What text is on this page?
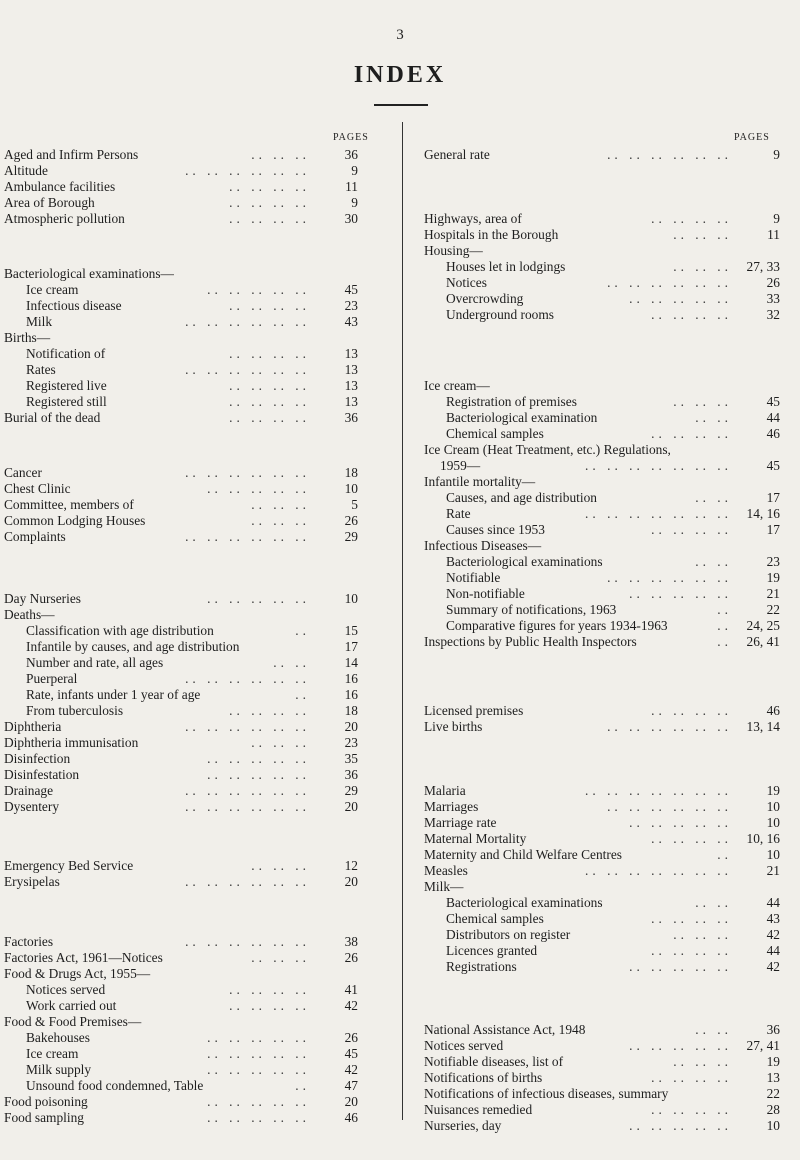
3
INDEX
PAGES	PAGES
Aged and Infirm Persons	.. .. ..	36
Altitude	.. .. .. .. .. ..	9
Ambulance facilities	.. .. .. ..	11
Area of Borough	.. .. .. ..	9
Atmospheric pollution	.. .. .. ..	30
Bacteriological examinations—
Ice cream	.. .. .. .. ..	45
Infectious disease	.. .. .. ..	23
Milk	.. .. .. .. .. ..	43
Births—
Notification of	.. .. .. ..	13
Rates	.. .. .. .. .. ..	13
Registered live	.. .. .. ..	13
Registered still	.. .. .. ..	13
Burial of the dead	.. .. .. ..	36
Cancer	.. .. .. .. .. ..	18
Chest Clinic	.. .. .. .. ..	10
Committee, members of	.. .. ..	5
Common Lodging Houses	.. .. ..	26
Complaints	.. .. .. .. .. ..	29
Day Nurseries	.. .. .. .. ..	10
Deaths—
Classification with age distribution	..	15
Infantile by causes, and age distribution	17
Number and rate, all ages	.. ..	14
Puerperal	.. .. .. .. .. ..	16
Rate, infants under 1 year of age	..	16
From tuberculosis	.. .. .. ..	18
Diphtheria	.. .. .. .. .. ..	20
Diphtheria immunisation	.. .. ..	23
Disinfection	.. .. .. .. ..	35
Disinfestation	.. .. .. .. ..	36
Drainage	.. .. .. .. .. ..	29
Dysentery	.. .. .. .. .. ..	20
Emergency Bed Service	.. .. ..	12
Erysipelas	.. .. .. .. .. ..	20
Factories	.. .. .. .. .. ..	38
Factories Act, 1961—Notices	.. .. ..	26
Food & Drugs Act, 1955—
Notices served	.. .. .. ..	41
Work carried out	.. .. .. ..	42
Food & Food Premises—
Bakehouses	.. .. .. .. ..	26
Ice cream	.. .. .. .. ..	45
Milk supply	.. .. .. .. ..	42
Unsound food condemned, Table	..	47
Food poisoning	.. .. .. .. ..	20
Food sampling	.. .. .. .. ..	46
General rate	.. .. .. .. .. ..	9
Highways, area of	.. .. .. ..	9
Hospitals in the Borough	.. .. ..	11
Housing—
Houses let in lodgings	.. .. .. 27, 33
Notices	.. .. .. .. .. ..	26
Overcrowding	.. .. .. .. ..	33
Underground rooms	.. .. .. ..	32
Ice cream—
Registration of premises	.. .. ..	45
Bacteriological examination	.. ..	44
Chemical samples	.. .. .. ..	46
Ice Cream (Heat Treatment, etc.) Regulations,
1959—	.. .. .. .. .. .. ..	45
Infantile mortality—
Causes, and age distribution	.. ..	17
Rate	.. .. .. .. .. .. .. 14, 16
Causes since 1953	.. .. .. ..	17
Infectious Diseases—
Bacteriological examinations	.. ..	23
Notifiable	.. .. .. .. .. ..	19
Non-notifiable	.. .. .. .. ..	21
Summary of notifications, 1963	..	22
Comparative figures for years 1934-1963	.. 24, 25
Inspections by Public Health Inspectors	.. 26, 41
Licensed premises	.. .. .. ..	46
Live births	.. .. .. .. .. .. 13, 14
Malaria	.. .. .. .. .. .. ..	19
Marriages	.. .. .. .. .. ..	10
Marriage rate	.. .. .. .. ..	10
Maternal Mortality	.. .. .. .. 10, 16
Maternity and Child Welfare Centres	..	10
Measles	.. .. .. .. .. .. ..	21
Milk—
Bacteriological examinations	.. ..	44
Chemical samples	.. .. .. ..	43
Distributors on register	.. .. ..	42
Licences granted	.. .. .. ..	44
Registrations	.. .. .. .. ..	42
National Assistance Act, 1948	.. ..	36
Notices served	.. .. .. .. .. 27, 41
Notifiable diseases, list of	.. .. ..	19
Notifications of births	.. .. .. ..	13
Notifications of infectious diseases, summary	22
Nuisances remedied	.. .. .. ..	28
Nurseries, day	.. .. .. .. ..	10
